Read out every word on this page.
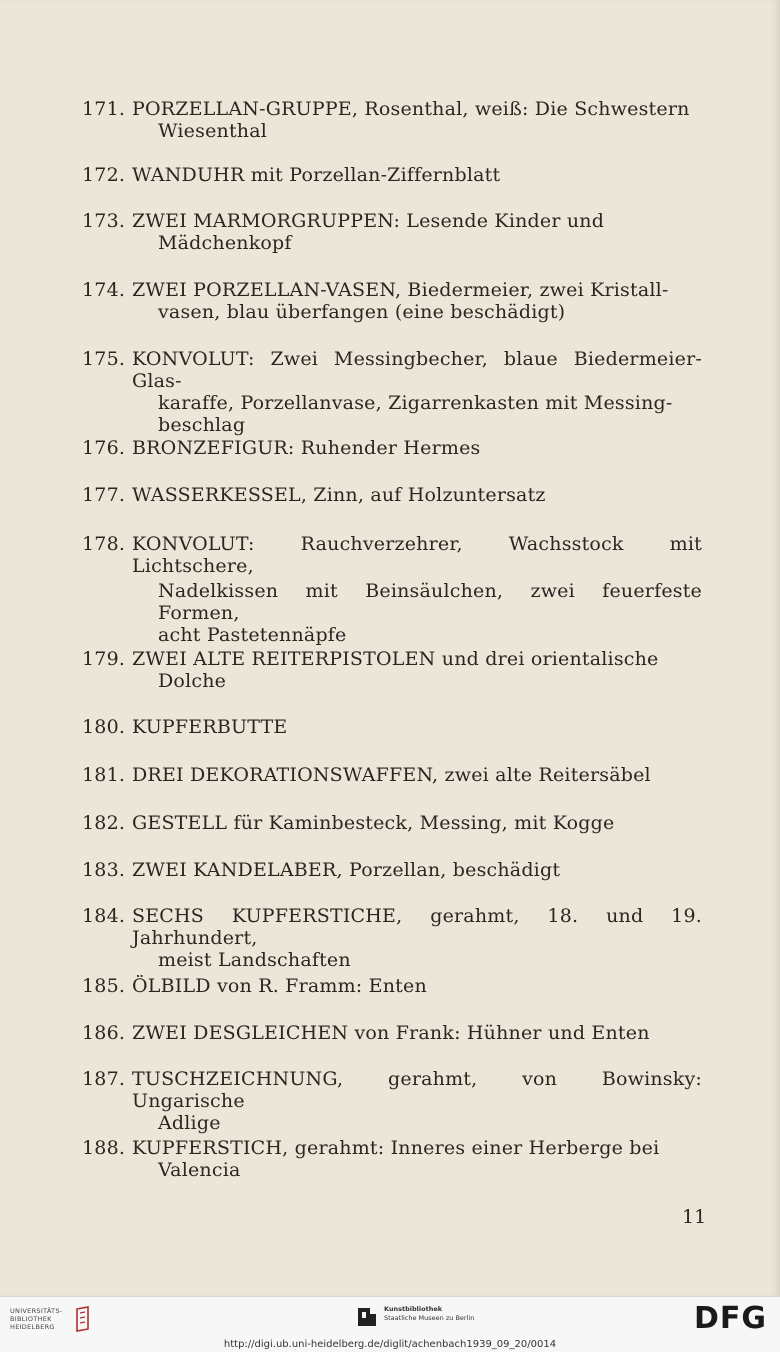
171. PORZELLAN-GRUPPE, Rosenthal, weiß: Die Schwestern
Wiesenthal
172. WANDUHR mit Porzellan-Ziffernblatt
173. ZWEI MARMORGRUPPEN: Lesende Kinder und
Mädchenkopf
174. ZWEI PORZELLAN-VASEN, Biedermeier, zwei Kristall-
vasen, blau überfangen (eine beschädigt)
175. KONVOLUT: Zwei Messingbecher, blaue Biedermeier-Glas-
karaffe, Porzellanvase, Zigarrenkasten mit Messing-
beschlag
176. BRONZEFIGUR: Ruhender Hermes
177. WASSERKESSEL, Zinn, auf Holzuntersatz
178. KONVOLUT: Rauchverzehrer, Wachsstock mit Lichtschere,
Nadelkissen mit Beinsäulchen, zwei feuerfeste Formen,
acht Pastetennäpfe
179. ZWEI ALTE REITERPISTOLEN und drei orientalische
Dolche
180. KUPFERBUTTE
181. DREI DEKORATIONSWAFFEN, zwei alte Reitersäbel
182. GESTELL für Kaminbesteck, Messing, mit Kogge
183. ZWEI KANDELABER, Porzellan, beschädigt
184. SECHS KUPFERSTICHE, gerahmt, 18. und 19. Jahrhundert,
meist Landschaften
185. ÖLBILD von R. Framm: Enten
186. ZWEI DESGLEICHEN von Frank: Hühner und Enten
187. TUSCHZEICHNUNG, gerahmt, von Bowinsky: Ungarische
Adlige
188. KUPFERSTICH, gerahmt: Inneres einer Herberge bei
Valencia
11
UNIVERSITÄTS-
BIBLIOTHEK
HEIDELBERG
Kunstbibliothek
Staatliche Museen zu Berlin	DFG
http://digi.ub.uni-heidelberg.de/diglit/achenbach1939_09_20/0014
